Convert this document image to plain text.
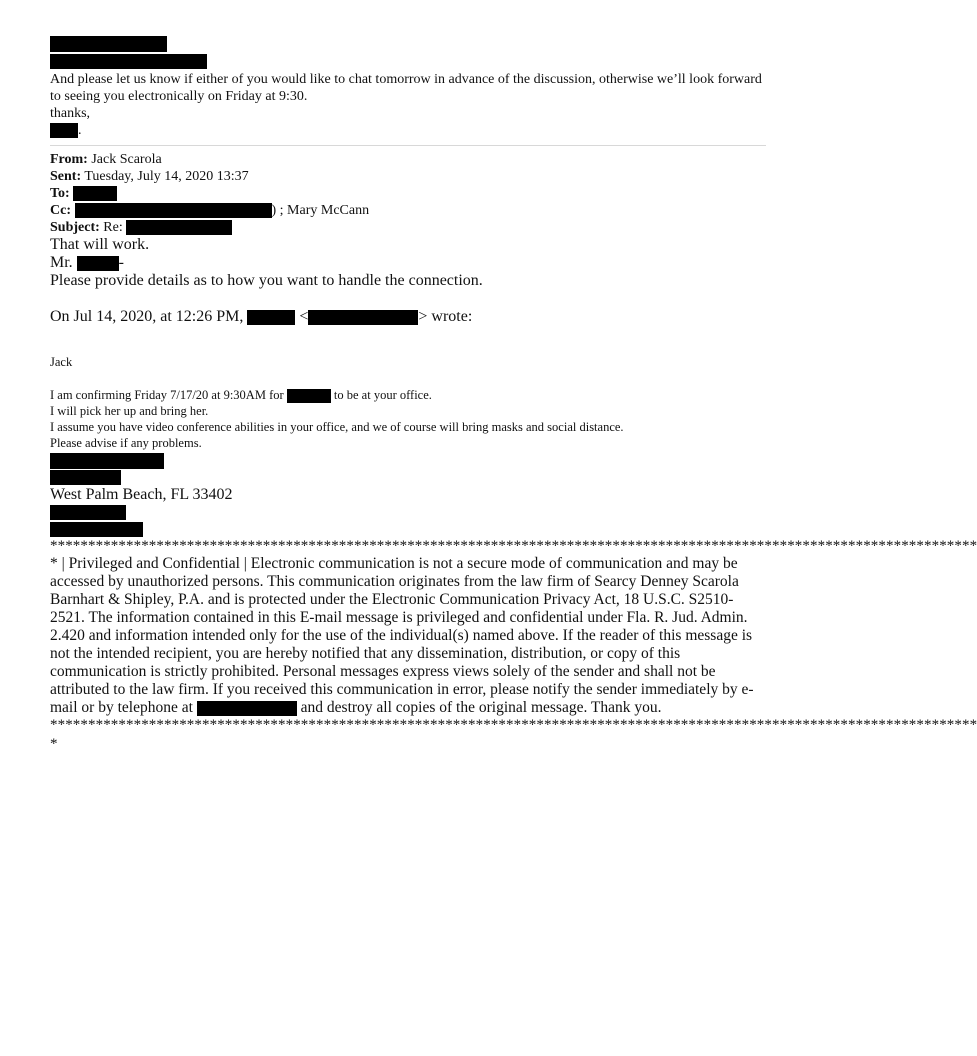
And please let us know if either of you would like to chat tomorrow in advance of the discussion, otherwise we’ll look forward to seeing you electronically on Friday at 9:30.
thanks,
.
From: Jack Scarola
Sent: Tuesday, July 14, 2020 13:37
To:
Cc:	) ; Mary McCann
Subject: Re:
That will work.
Mr.	-
Please provide details as to how you want to handle the connection.
On Jul 14, 2020, at 12:26 PM,	<	> wrote:
Jack
I am confirming Friday 7/17/20 at 9:30AM for	to be at your office.
I will pick her up and bring her.
I assume you have video conference abilities in your office, and we of course will bring masks and social distance.
Please advise if any problems.
West Palm Beach, FL 33402
**************************************************************************************************************************
* | Privileged and Confidential | Electronic communication is not a secure mode of communication and may be accessed by unauthorized persons. This communication originates from the law firm of Searcy Denney Scarola Barnhart & Shipley, P.A. and is protected under the Electronic Communication Privacy Act, 18 U.S.C. S2510-2521. The information contained in this E-mail message is privileged and confidential under Fla. R. Jud. Admin. 2.420 and information intended only for the use of the individual(s) named above. If the reader of this message is not the intended recipient, you are hereby notified that any dissemination, distribution, or copy of this communication is strictly prohibited. Personal messages express views solely of the sender and shall not be attributed to the law firm. If you received this communication in error, please notify the sender immediately by e-mail or by telephone at	and destroy all copies of the original message. Thank you.
**************************************************************************************************************************
*
